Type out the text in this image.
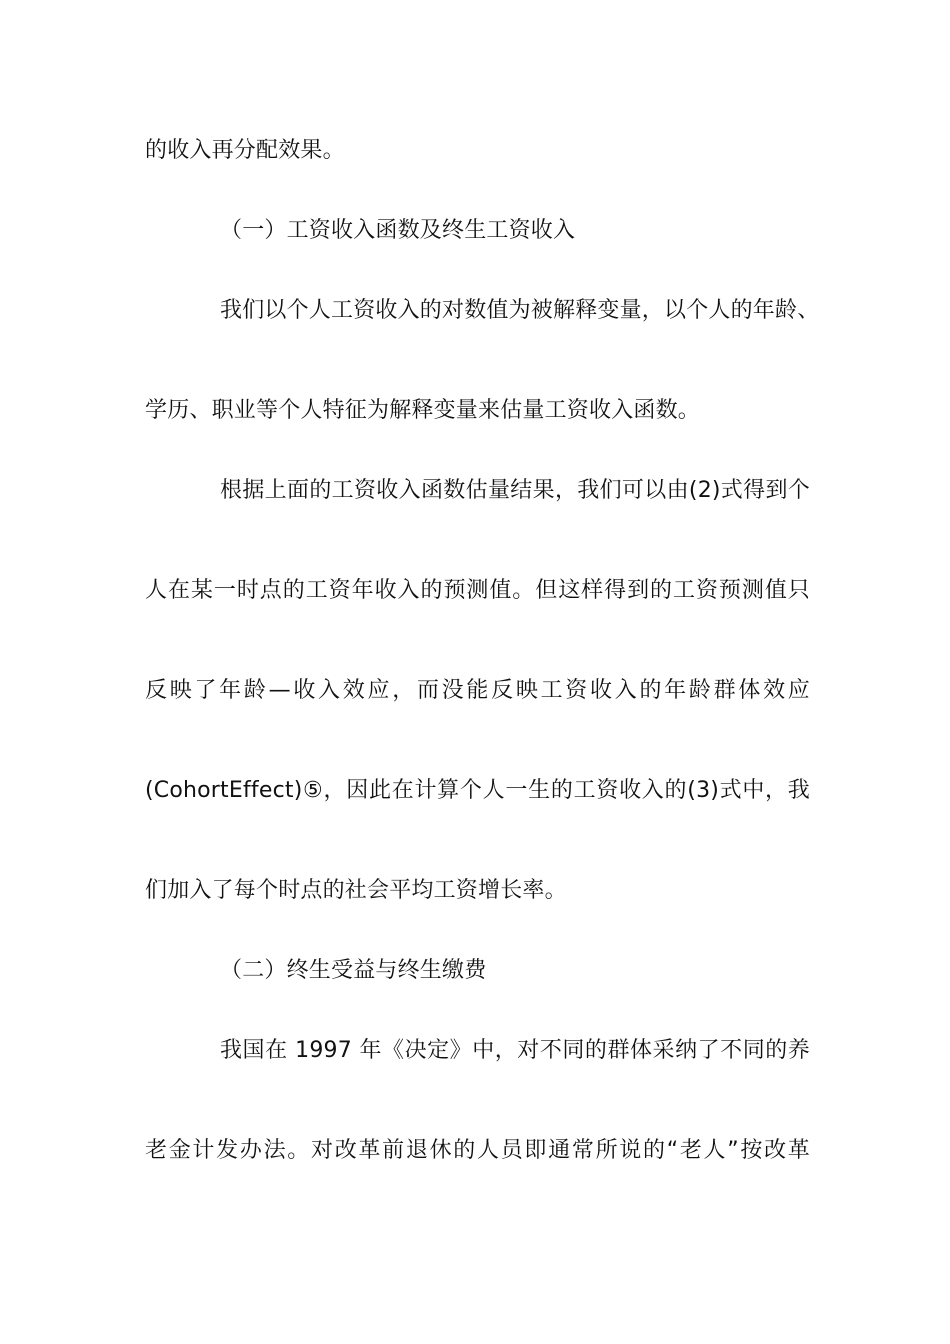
的收入再分配效果。
（一）工资收入函数及终生工资收入
我们以个人工资收入的对数值为被解释变量，以个人的年龄、
学历、职业等个人特征为解释变量来估量工资收入函数。
根据上面的工资收入函数估量结果，我们可以由(2)式得到个
人在某一时点的工资年收入的预测值。但这样得到的工资预测值只
反映了年龄—收入效应，而没能反映工资收入的年龄群体效应
(CohortEffect)⑤，因此在计算个人一生的工资收入的(3)式中，我
们加入了每个时点的社会平均工资增长率。
（二）终生受益与终生缴费
我国在 1997 年《决定》中，对不同的群体采纳了不同的养
老金计发办法。对改革前退休的人员即通常所说的“老人”按改革
